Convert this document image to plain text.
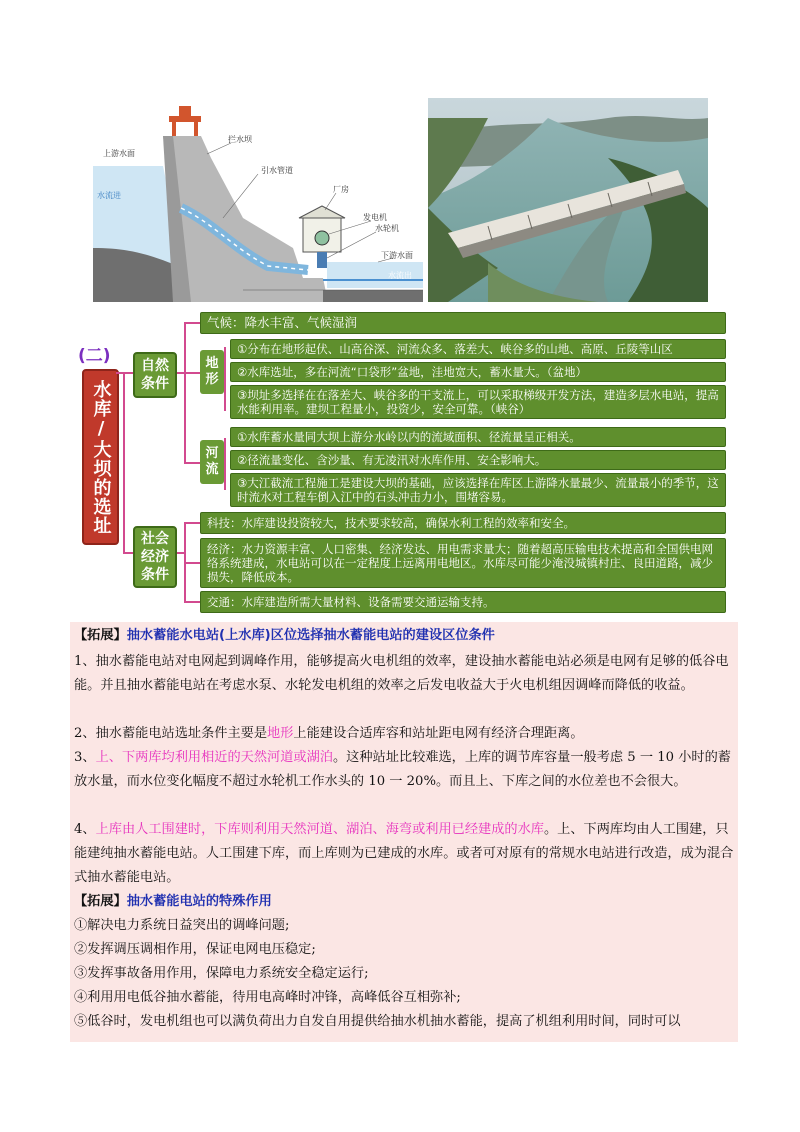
上游水面
拦水坝
引水管道
厂房
发电机
水轮机
下游水面
水流进
水流出
(二)
水库/大坝的选址
自然条件
社会经济条件
气候：降水丰富、气候湿润
地形
①分布在地形起伏、山高谷深、河流众多、落差大、峡谷多的山地、高原、丘陵等山区
②水库选址，多在河流“口袋形”盆地，洼地宽大，蓄水量大。（盆地）
③坝址多选择在在落差大、峡谷多的干支流上，可以采取梯级开发方法，建造多层水电站，提高水能利用率。建坝工程量小，投资少，安全可靠。（峡谷）
河流
①水库蓄水量同大坝上游分水岭以内的流域面积、径流量呈正相关。
②径流量变化、含沙量、有无凌汛对水库作用、安全影响大。
③大江截流工程施工是建设大坝的基础，应该选择在库区上游降水量最少、流量最小的季节，这时流水对工程车倒入江中的石头冲击力小，围堵容易。
科技：水库建设投资较大，技术要求较高，确保水利工程的效率和安全。
经济：水力资源丰富、人口密集、经济发达、用电需求量大；随着超高压输电技术提高和全国供电网络系统建成，水电站可以在一定程度上远离用电地区。水库尽可能少淹没城镇村庄、良田道路，减少损失，降低成本。
交通：水库建造所需大量材料、设备需要交通运输支持。
【拓展】抽水蓄能水电站(上水库)区位选择抽水蓄能电站的建设区位条件
1、抽水蓄能电站对电网起到调峰作用，能够提高火电机组的效率，建设抽水蓄能电站必须是电网有足够的低谷电能。并且抽水蓄能电站在考虑水泵、水轮发电机组的效率之后发电收益大于火电机组因调峰而降低的收益。
2、抽水蓄能电站选址条件主要是地形上能建设合适库容和站址距电网有经济合理距离。
3、上、下两库均利用相近的天然河道或湖泊。这种站址比较难选，上库的调节库容量一般考虑 5 一 10 小时的蓄放水量，而水位变化幅度不超过水轮机工作水头的 10 一 20%。而且上、下库之间的水位差也不会很大。
4、上库由人工围建时，下库则利用天然河道、湖泊、海弯或利用已经建成的水库。上、下两库均由人工围建，只能建纯抽水蓄能电站。人工围建下库，而上库则为已建成的水库。或者可对原有的常规水电站进行改造，成为混合式抽水蓄能电站。
【拓展】抽水蓄能电站的特殊作用
①解决电力系统日益突出的调峰问题;
②发挥调压调相作用，保证电网电压稳定;
③发挥事故备用作用，保障电力系统安全稳定运行;
④利用用电低谷抽水蓄能，待用电高峰时冲锋，高峰低谷互相弥补;
⑤低谷时，发电机组也可以满负荷出力自发自用提供给抽水机抽水蓄能，提高了机组利用时间，同时可以
